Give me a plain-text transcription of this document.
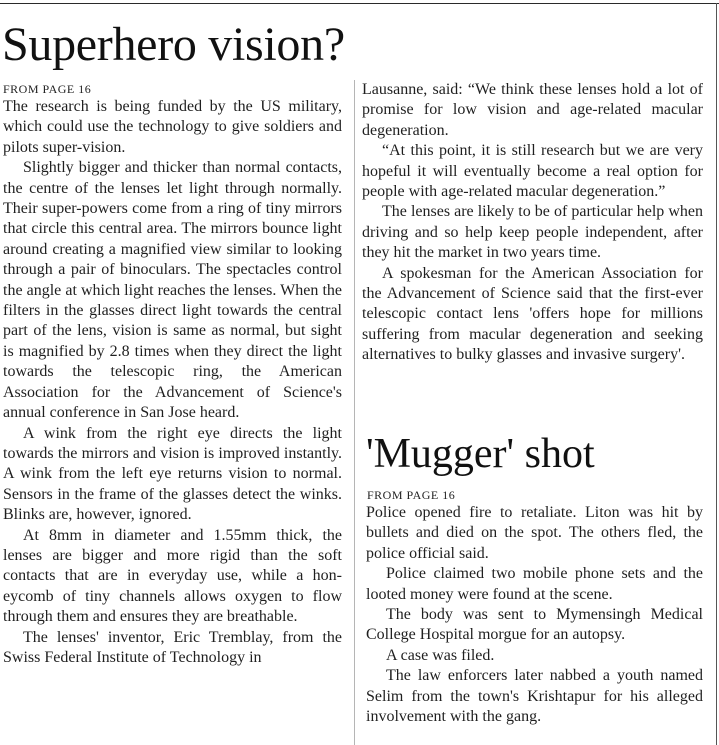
Superhero vision?
FROM PAGE 16

The research is being funded by the US military, which could use the technology to give soldiers and pilots super-vision.

Slightly bigger and thicker than normal contacts, the centre of the lenses let light through normally. Their super-powers come from a ring of tiny mirrors that circle this central area. The mirrors bounce light around creating a magnified view similar to looking through a pair of binoculars. The spectacles control the angle at which light reaches the lenses. When the filters in the glasses direct light towards the central part of the lens, vision is same as normal, but sight is magnified by 2.8 times when they direct the light towards the telescopic ring, the American Association for the Advancement of Science's annual conference in San Jose heard.

A wink from the right eye directs the light towards the mirrors and vision is improved instantly. A wink from the left eye returns vision to normal. Sensors in the frame of the glasses detect the winks. Blinks are, however, ignored.

At 8mm in diameter and 1.55mm thick, the lenses are bigger and more rigid than the soft contacts that are in everyday use, while a honeycomb of tiny channels allows oxygen to flow through them and ensures they are breathable.

The lenses' inventor, Eric Tremblay, from the Swiss Federal Institute of Technology in

Lausanne, said: “We think these lenses hold a lot of promise for low vision and age-related macular degeneration.

“At this point, it is still research but we are very hopeful it will eventually become a real option for people with age-related macular degeneration.”

The lenses are likely to be of particular help when driving and so help keep people independent, after they hit the market in two years time.

A spokesman for the American Association for the Advancement of Science said that the first-ever telescopic contact lens 'offers hope for millions suffering from macular degeneration and seeking alternatives to bulky glasses and invasive surgery'.

'Mugger' shot
FROM PAGE 16

Police opened fire to retaliate. Liton was hit by bullets and died on the spot. The others fled, the police official said.

Police claimed two mobile phone sets and the looted money were found at the scene.

The body was sent to Mymensingh Medical College Hospital morgue for an autopsy.

A case was filed.

The law enforcers later nabbed a youth named Selim from the town's Krishtapur for his alleged involvement with the gang.
